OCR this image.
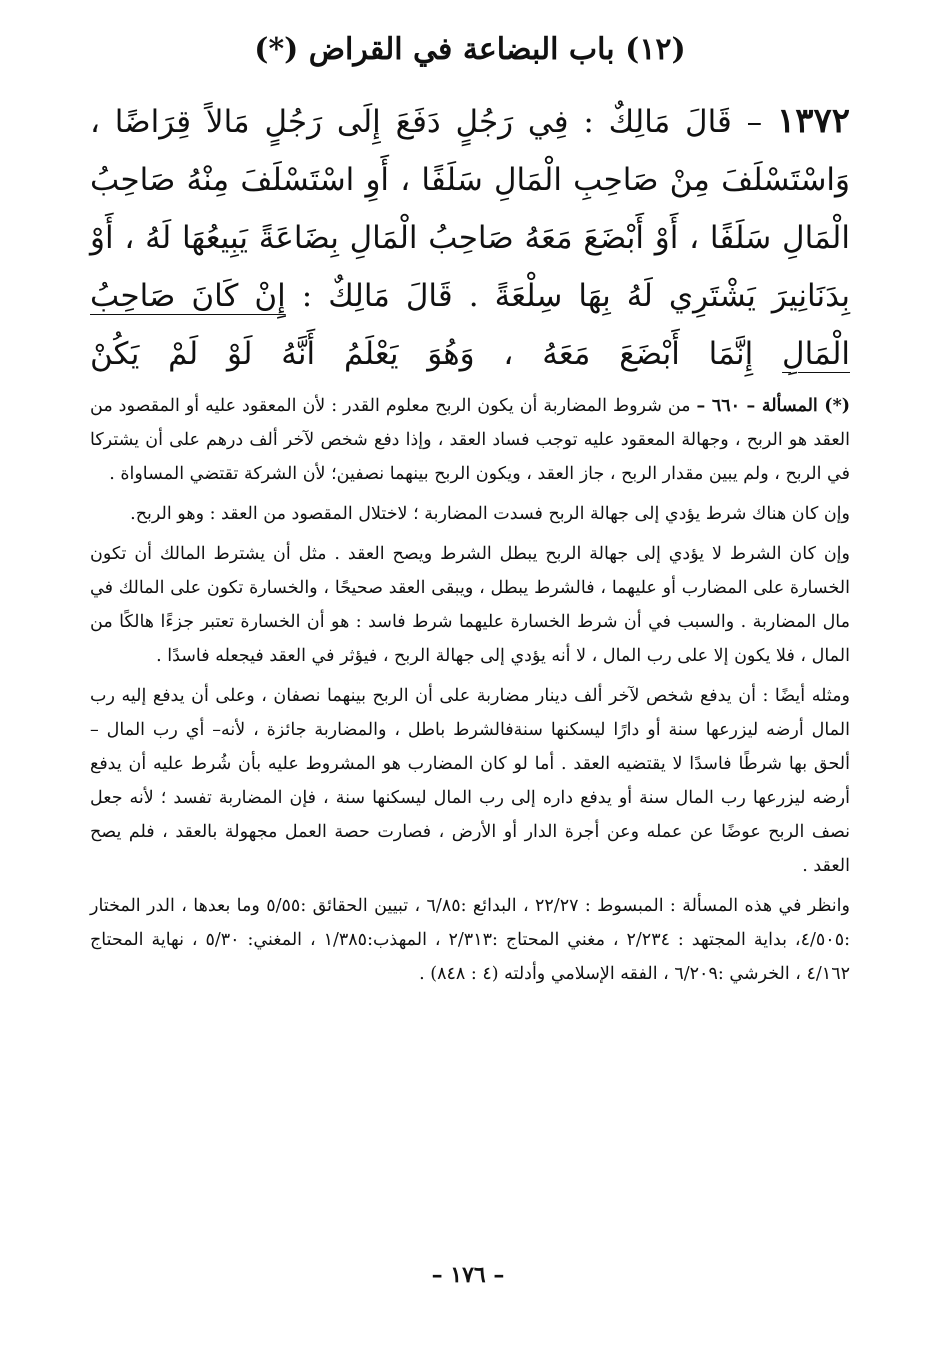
(١٢) باب البضاعة في القراض (*)

١٣٧٢ – قَالَ مَالِكٌ : فِي رَجُلٍ دَفَعَ إِلَى رَجُلٍ مَالاً قِرَاضًا ، وَاسْتَسْلَفَ مِنْ صَاحِبِ الْمَالِ سَلَفًا ، أَوِ اسْتَسْلَفَ مِنْهُ صَاحِبُ الْمَالِ سَلَفًا ، أَوْ أَبْضَعَ مَعَهُ صَاحِبُ الْمَالِ بِضَاعَةً يَبِيعُهَا لَهُ ، أَوْ بِدَنَانِيرَ يَشْتَرِي لَهُ بِهَا سِلْعَةً . قَالَ مَالِكٌ : إِنْ كَانَ صَاحِبُ الْمَالِ إِنَّمَا أَبْضَعَ مَعَهُ ، وَهُوَ يَعْلَمُ أَنَّهُ لَوْ لَمْ يَكُنْ

(*) المسألة – ٦٦٠ – من شروط المضاربة أن يكون الربح معلوم القدر : لأن المعقود عليه أو المقصود من العقد هو الربح ، وجهالة المعقود عليه توجب فساد العقد ، وإذا دفع شخص لآخر ألف درهم على أن يشتركا في الربح ، ولم يبين مقدار الربح ، جاز العقد ، ويكون الربح بينهما نصفين؛ لأن الشركة تقتضي المساواة .

وإن كان هناك شرط يؤدي إلى جهالة الربح فسدت المضاربة ؛ لاختلال المقصود من العقد : وهو الربح.

وإن كان الشرط لا يؤدي إلى جهالة الربح يبطل الشرط ويصح العقد . مثل أن يشترط المالك أن تكون الخسارة على المضارب أو عليهما ، فالشرط يبطل ، ويبقى العقد صحيحًا ، والخسارة تكون على المالك في مال المضاربة . والسبب في أن شرط الخسارة عليهما شرط فاسد : هو أن الخسارة تعتبر جزءًا هالكًا من المال ، فلا يكون إلا على رب المال ، لا أنه يؤدي إلى جهالة الربح ، فيؤثر في العقد فيجعله فاسدًا .

ومثله أيضًا : أن يدفع شخص لآخر ألف دينار مضاربة على أن الربح بينهما نصفان ، وعلى أن يدفع إليه رب المال أرضه ليزرعها سنة أو دارًا ليسكنها سنةفالشرط باطل ، والمضاربة جائزة ، لأنه– أي رب المال – ألحق بها شرطًا فاسدًا لا يقتضيه العقد . أما لو كان المضارب هو المشروط عليه بأن شُرط عليه أن يدفع أرضه ليزرعها رب المال سنة أو يدفع داره إلى رب المال ليسكنها سنة ، فإن المضاربة تفسد ؛ لأنه جعل نصف الربح عوضًا عن عمله وعن أجرة الدار أو الأرض ، فصارت حصة العمل مجهولة بالعقد ، فلم يصح العقد .

وانظر في هذه المسألة : المبسوط : ٢٢/٢٧ ، البدائع :٦/٨٥ ، تبيين الحقائق :٥/٥٥ وما بعدها ، الدر المختار :٤/٥٠٥، بداية المجتهد : ٢/٢٣٤ ، مغني المحتاج :٢/٣١٣ ، المهذب:١/٣٨٥ ، المغني: ٥/٣٠ ، نهاية المحتاج ٤/١٦٢ ، الخرشي :٦/٢٠٩ ، الفقه الإسلامي وأدلته (٤ : ٨٤٨) .

– ١٧٦ –
